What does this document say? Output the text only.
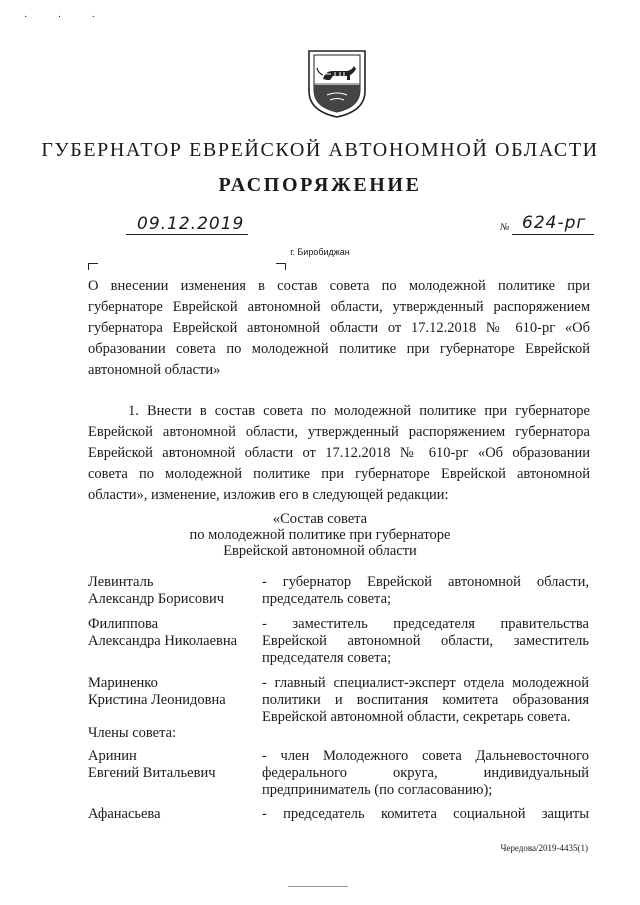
· · ·
ГУБЕРНАТОР ЕВРЕЙСКОЙ АВТОНОМНОЙ ОБЛАСТИ
РАСПОРЯЖЕНИЕ
09.12.2019	№ 624-рг
г. Биробиджан
О внесении изменения в состав совета по молодежной политике при
губернаторе Еврейской автономной области, утвержденный распоряжением
губернатора Еврейской автономной области от 17.12.2018 № 610-рг «Об
образовании совета по молодежной политике при губернаторе Еврейской
автономной области»
1. Внести в состав совета по молодежной политике при губернаторе
Еврейской автономной области, утвержденный распоряжением губернатора
Еврейской автономной области от 17.12.2018 № 610-рг «Об образовании
совета по молодежной политике при губернаторе Еврейской автономной
области», изменение, изложив его в следующей редакции:
«Состав совета
по молодежной политике при губернаторе
Еврейской автономной области
Левинталь
Александр Борисович
- губернатор Еврейской автономной области,
председатель совета;
Филиппова
Александра Николаевна
- заместитель председателя правительства
Еврейской автономной области, заместитель
председателя совета;
Мариненко
Кристина Леонидовна
- главный специалист-эксперт отдела молодежной
политики и воспитания комитета образования
Еврейской автономной области, секретарь совета.
Члены совета:
Аринин
Евгений Витальевич
- член Молодежного совета Дальневосточного
федерального округа, индивидуальный
предприниматель (по согласованию);
Афанасьева	- председатель комитета социальной защиты
Чередова/2019-4435(1)
